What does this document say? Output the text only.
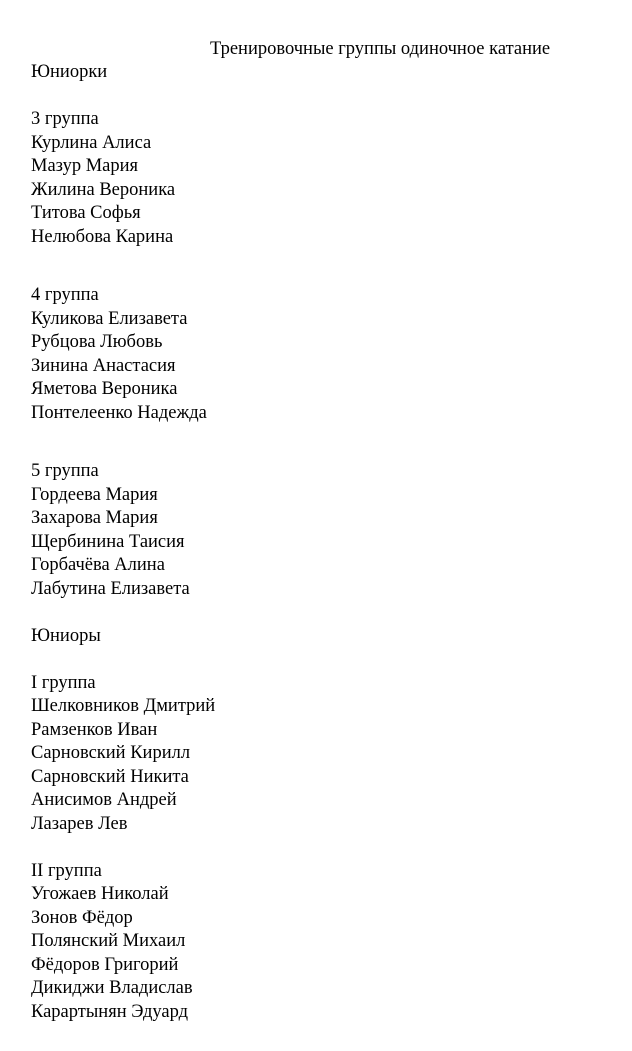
Тренировочные группы одиночное катание
Юниорки
3 группа
Курлина Алиса
Мазур Мария
Жилина Вероника
Титова Софья
Нелюбова Карина
4 группа
Куликова Елизавета
Рубцова Любовь
Зинина Анастасия
Яметова Вероника
Понтелеенко Надежда
5 группа
Гордеева Мария
Захарова Мария
Щербинина Таисия
Горбачёва Алина
Лабутина Елизавета
Юниоры
I группа
Шелковников Дмитрий
Рамзенков Иван
Сарновский Кирилл
Сарновский Никита
Анисимов Андрей
Лазарев Лев
II группа
Угожаев Николай
Зонов Фёдор
Полянский Михаил
Фёдоров Григорий
Дикиджи Владислав
Карартынян Эдуард
